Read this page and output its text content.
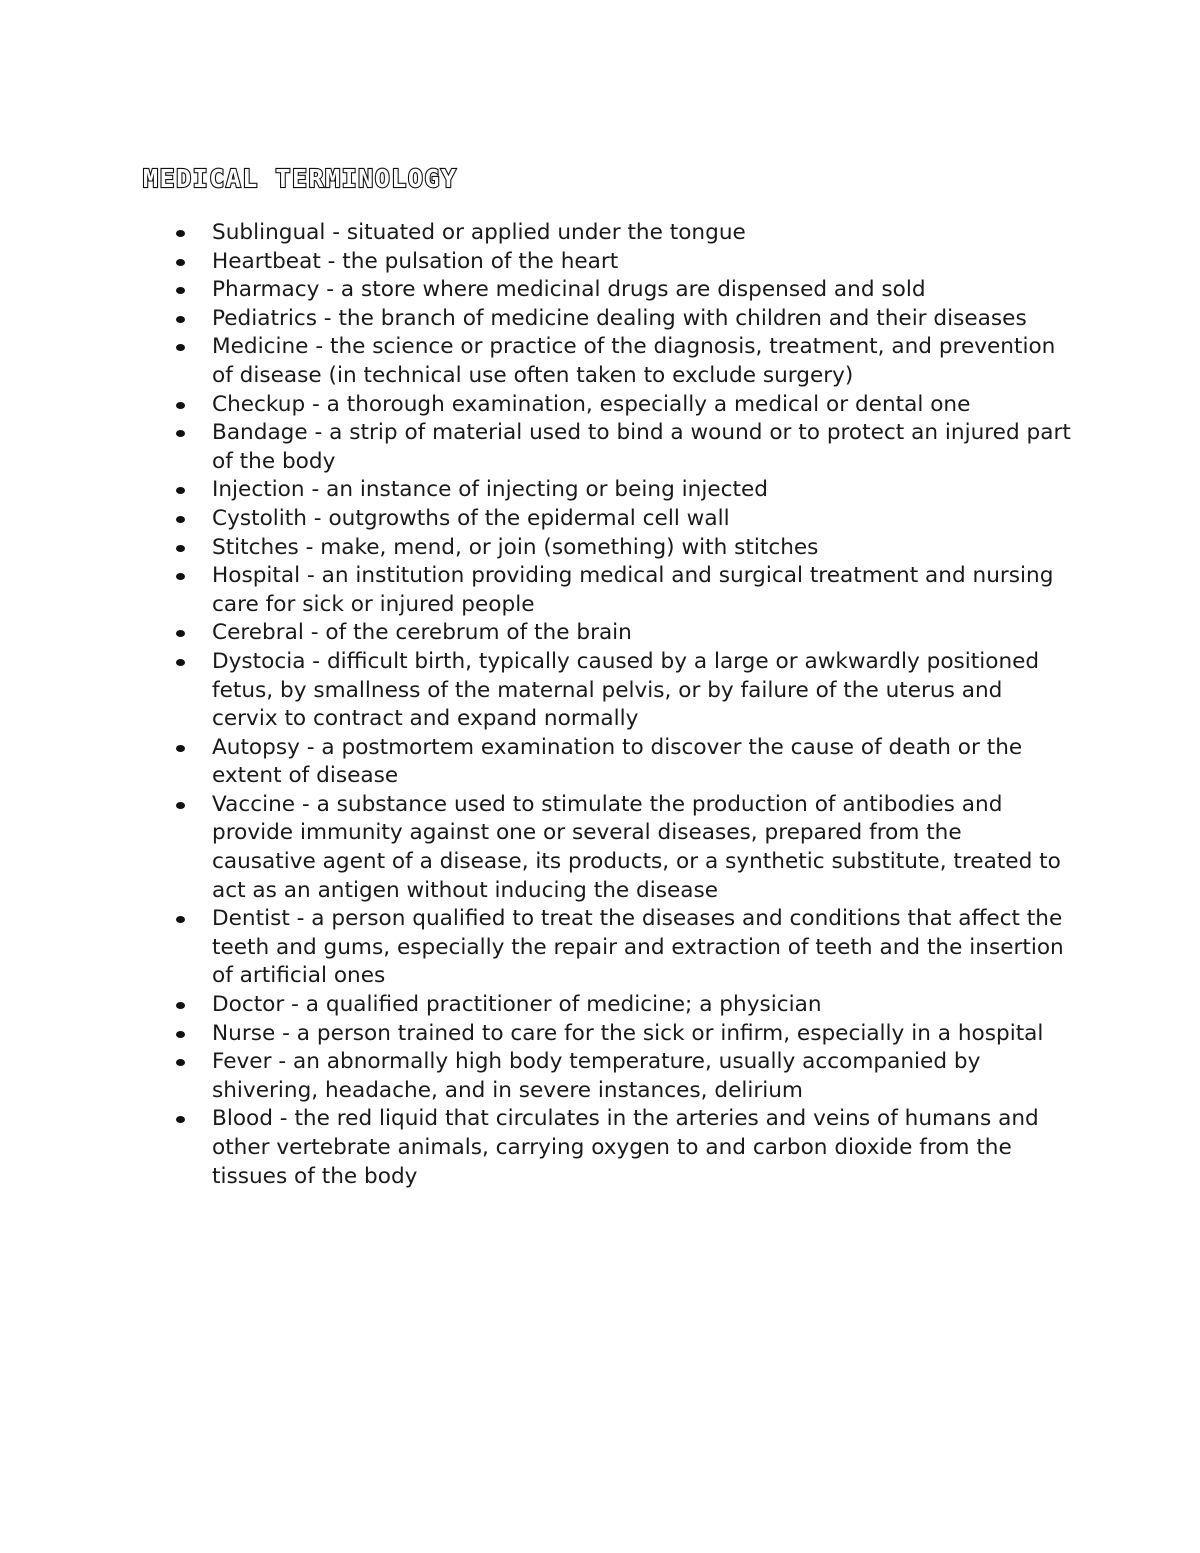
MEDICAL TERMINOLOGY
Sublingual - situated or applied under the tongue
Heartbeat - the pulsation of the heart
Pharmacy - a store where medicinal drugs are dispensed and sold
Pediatrics - the branch of medicine dealing with children and their diseases
Medicine - the science or practice of the diagnosis, treatment, and prevention of disease (in technical use often taken to exclude surgery)
Checkup - a thorough examination, especially a medical or dental one
Bandage - a strip of material used to bind a wound or to protect an injured part of the body
Injection - an instance of injecting or being injected
Cystolith - outgrowths of the epidermal cell wall
Stitches - make, mend, or join (something) with stitches
Hospital - an institution providing medical and surgical treatment and nursing care for sick or injured people
Cerebral - of the cerebrum of the brain
Dystocia - difficult birth, typically caused by a large or awkwardly positioned fetus, by smallness of the maternal pelvis, or by failure of the uterus and cervix to contract and expand normally
Autopsy - a postmortem examination to discover the cause of death or the extent of disease
Vaccine - a substance used to stimulate the production of antibodies and provide immunity against one or several diseases, prepared from the causative agent of a disease, its products, or a synthetic substitute, treated to act as an antigen without inducing the disease
Dentist - a person qualified to treat the diseases and conditions that affect the teeth and gums, especially the repair and extraction of teeth and the insertion of artificial ones
Doctor - a qualified practitioner of medicine; a physician
Nurse - a person trained to care for the sick or infirm, especially in a hospital
Fever - an abnormally high body temperature, usually accompanied by shivering, headache, and in severe instances, delirium
Blood - the red liquid that circulates in the arteries and veins of humans and other vertebrate animals, carrying oxygen to and carbon dioxide from the tissues of the body
